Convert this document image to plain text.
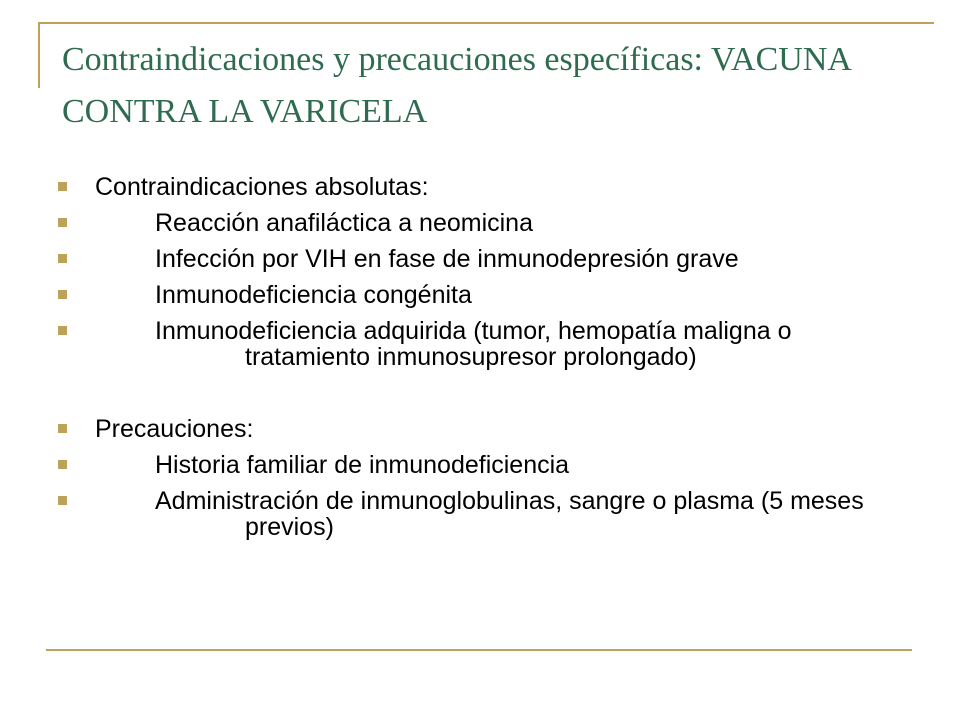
Contraindicaciones y precauciones específicas: VACUNA CONTRA LA VARICELA
Contraindicaciones absolutas:
Reacción anafiláctica a neomicina
Infección por VIH en fase de inmunodepresión grave
Inmunodeficiencia congénita
Inmunodeficiencia adquirida (tumor, hemopatía maligna o tratamiento inmunosupresor prolongado)
Precauciones:
Historia familiar de inmunodeficiencia
Administración de inmunoglobulinas, sangre o plasma (5 meses previos)
